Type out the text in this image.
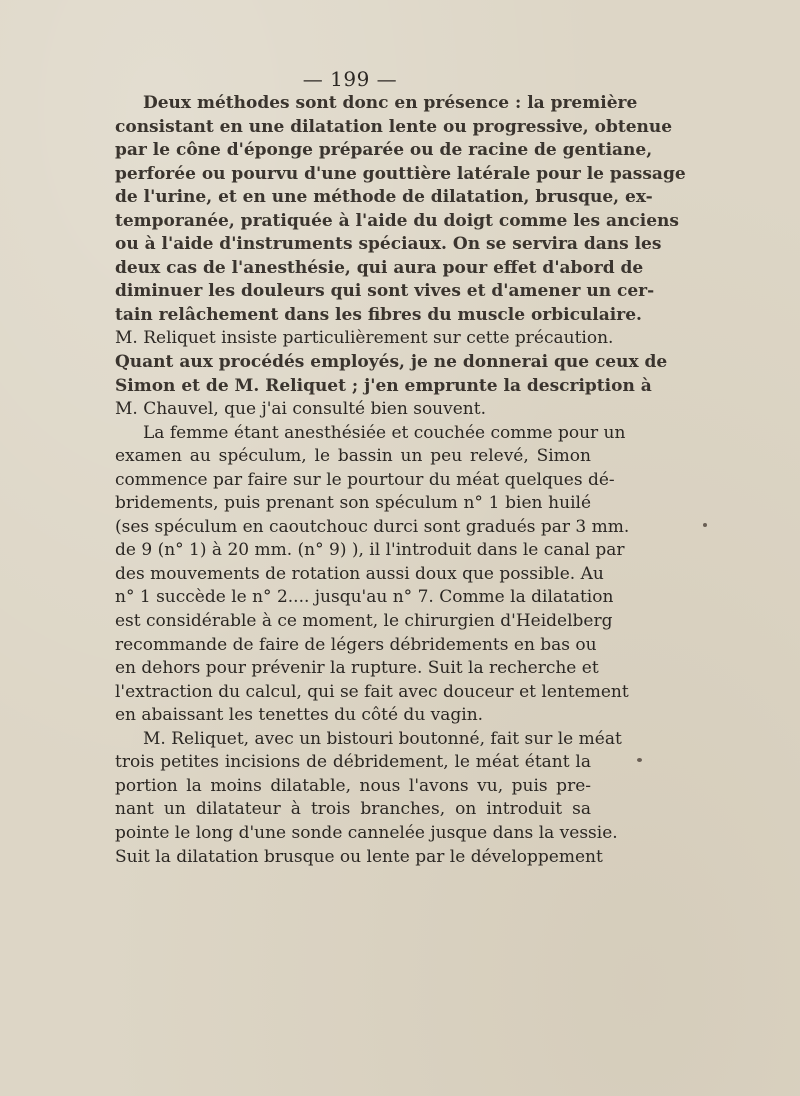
— 199 —
Deux méthodes sont donc en présence : la première
consistant en une dilatation lente ou progressive, obtenue
par le cône d'éponge préparée ou de racine de gentiane,
perforée ou pourvu d'une gouttière latérale pour le passage
de l'urine, et en une méthode de dilatation, brusque, ex-
temporanée, pratiquée à l'aide du doigt comme les anciens
ou à l'aide d'instruments spéciaux. On se servira dans les
deux cas de l'anesthésie, qui aura pour effet d'abord de
diminuer les douleurs qui sont vives et d'amener un cer-
tain relâchement dans les fibres du muscle orbiculaire.
M. Reliquet insiste particulièrement sur cette précaution.
Quant aux procédés employés, je ne donnerai que ceux de
Simon et de M. Reliquet ; j'en emprunte la description à
M. Chauvel, que j'ai consulté bien souvent.
La femme étant anesthésiée et couchée comme pour un
examen au spéculum, le bassin un peu relevé, Simon
commence par faire sur le pourtour du méat quelques dé-
bridements, puis prenant son spéculum n° 1 bien huilé
(ses spéculum en caoutchouc durci sont gradués par 3 mm.
de 9 (n° 1) à 20 mm. (n° 9) ), il l'introduit dans le canal par
des mouvements de rotation aussi doux que possible. Au
n° 1 succède le n° 2.... jusqu'au n° 7. Comme la dilatation
est considérable à ce moment, le chirurgien d'Heidelberg
recommande de faire de légers débridements en bas ou
en dehors pour prévenir la rupture. Suit la recherche et
l'extraction du calcul, qui se fait avec douceur et lentement
en abaissant les tenettes du côté du vagin.
M. Reliquet, avec un bistouri boutonné, fait sur le méat
trois petites incisions de débridement, le méat étant la
portion la moins dilatable, nous l'avons vu, puis pre-
nant un dilatateur à trois branches, on introduit sa
pointe le long d'une sonde cannelée jusque dans la vessie.
Suit la dilatation brusque ou lente par le développement
